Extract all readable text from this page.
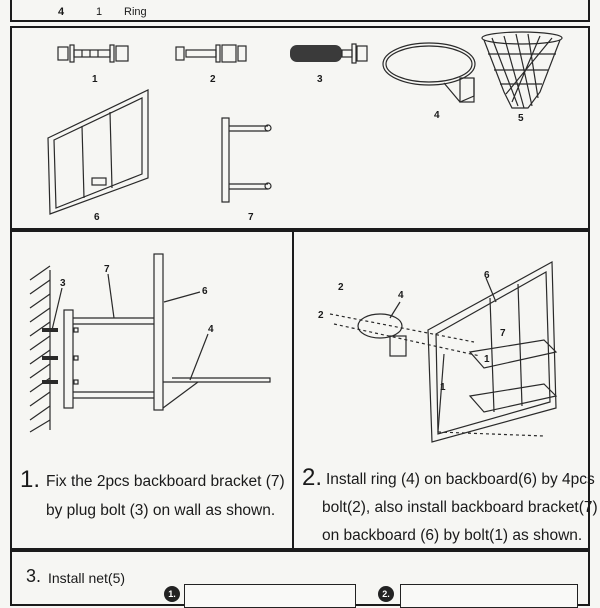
4	1 Ring
1	2	3
4	5
6	7
3
7
6
4
1. Fix the 2pcs backboard bracket (7)
by plug bolt (3) on wall as shown.
6
4
2
2
7
1
1
2. Install ring (4) on backboard(6) by 4pcs
bolt(2), also install backboard bracket(7)
on backboard (6) by bolt(1) as shown.
3. Install net(5)
1.	2.
